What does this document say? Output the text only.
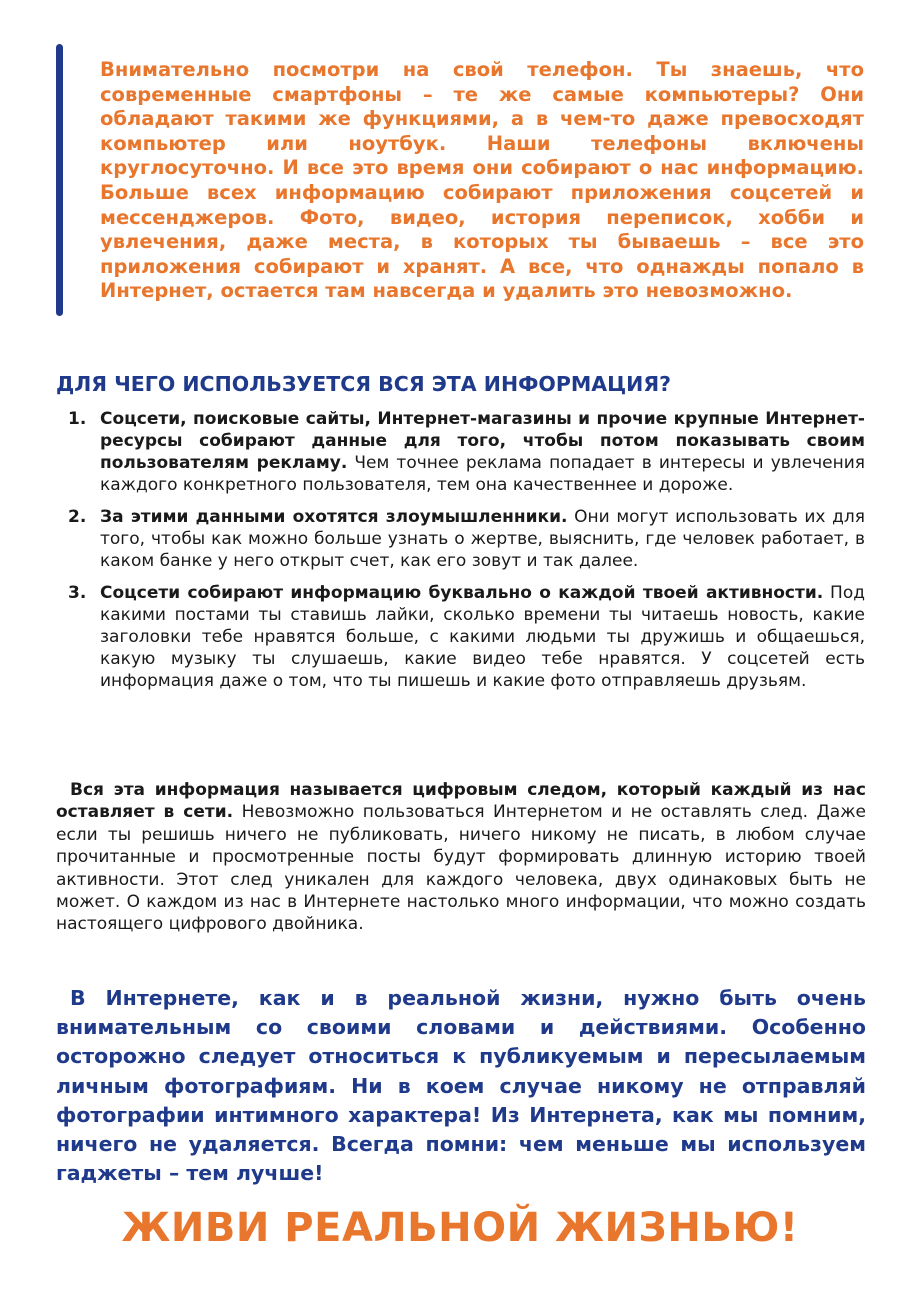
Внимательно посмотри на свой телефон. Ты знаешь, что современные смартфоны – те же самые компьютеры? Они обладают такими же функциями, а в чем-то даже превосходят компьютер или ноутбук. Наши телефоны включены круглосуточно. И все это время они собирают о нас информацию. Больше всех информацию собирают приложения соцсетей и мессенджеров. Фото, видео, история переписок, хобби и увлечения, даже места, в которых ты бываешь – все это приложения собирают и хранят. А все, что однажды попало в Интернет, остается там навсегда и удалить это невозможно.

ДЛЯ ЧЕГО ИСПОЛЬЗУЕТСЯ ВСЯ ЭТА ИНФОРМАЦИЯ?
1. Соцсети, поисковые сайты, Интернет-магазины и прочие крупные Интернет-ресурсы собирают данные для того, чтобы потом показывать своим пользователям рекламу. Чем точнее реклама попадает в интересы и увлечения каждого конкретного пользователя, тем она качественнее и дороже.
2. За этими данными охотятся злоумышленники. Они могут использовать их для того, чтобы как можно больше узнать о жертве, выяснить, где человек работает, в каком банке у него открыт счет, как его зовут и так далее.
3. Соцсети собирают информацию буквально о каждой твоей активности. Под какими постами ты ставишь лайки, сколько времени ты читаешь новость, какие заголовки тебе нравятся больше, с какими людьми ты дружишь и общаешься, какую музыку ты слушаешь, какие видео тебе нравятся. У соцсетей есть информация даже о том, что ты пишешь и какие фото отправляешь друзьям.

Вся эта информация называется цифровым следом, который каждый из нас оставляет в сети. Невозможно пользоваться Интернетом и не оставлять след. Даже если ты решишь ничего не публиковать, ничего никому не писать, в любом случае прочитанные и просмотренные посты будут формировать длинную историю твоей активности. Этот след уникален для каждого человека, двух одинаковых быть не может. О каждом из нас в Интернете настолько много информации, что можно создать настоящего цифрового двойника.

В Интернете, как и в реальной жизни, нужно быть очень внимательным со своими словами и действиями. Особенно осторожно следует относиться к публикуемым и пересылаемым личным фотографиям. Ни в коем случае никому не отправляй фотографии интимного характера! Из Интернета, как мы помним, ничего не удаляется. Всегда помни: чем меньше мы используем гаджеты – тем лучше!

ЖИВИ РЕАЛЬНОЙ ЖИЗНЬЮ!
